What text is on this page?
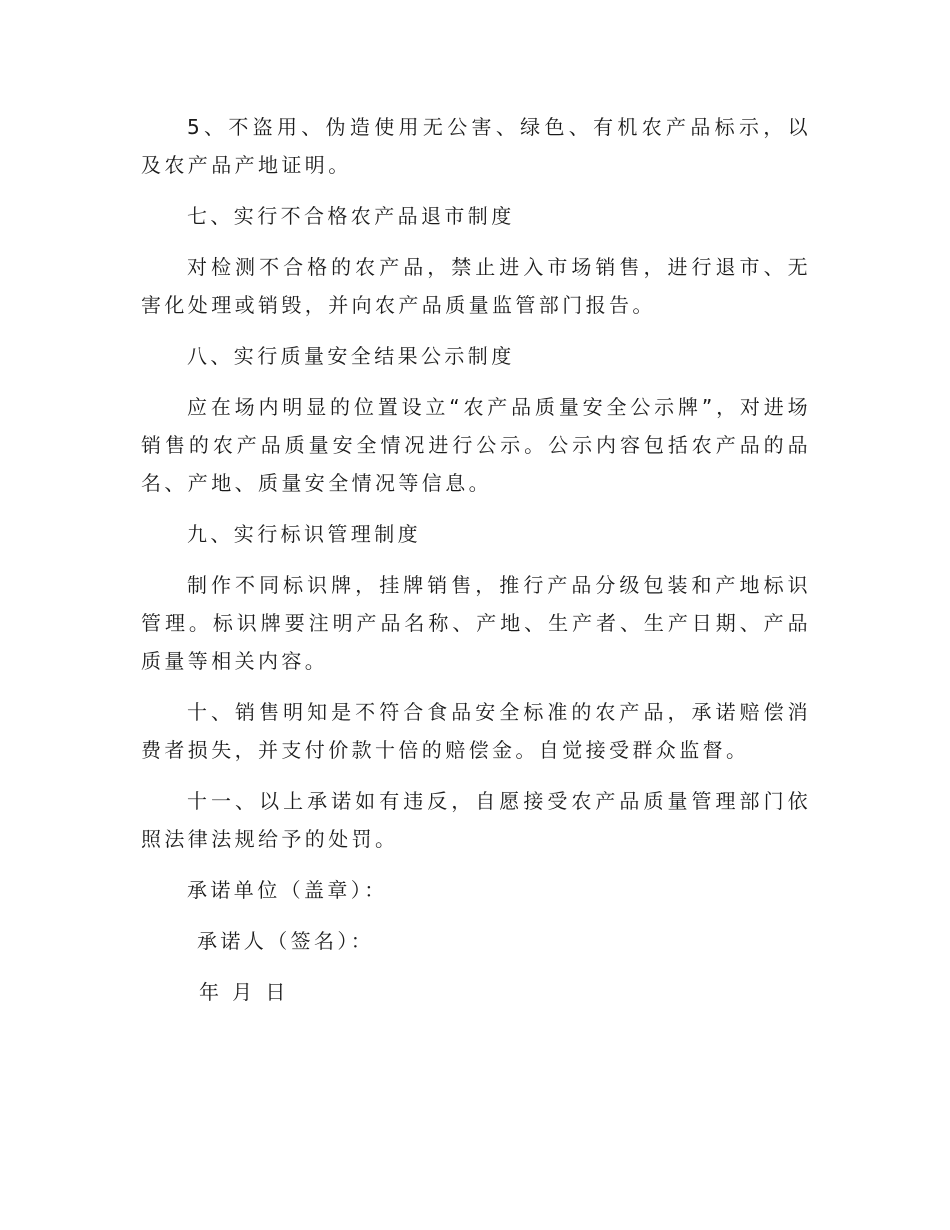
5、不盗用、伪造使用无公害、绿色、有机农产品标示，以及农产品产地证明。

七、实行不合格农产品退市制度

对检测不合格的农产品，禁止进入市场销售，进行退市、无害化处理或销毁，并向农产品质量监管部门报告。

八、实行质量安全结果公示制度

应在场内明显的位置设立“农产品质量安全公示牌”，对进场销售的农产品质量安全情况进行公示。公示内容包括农产品的品名、产地、质量安全情况等信息。

九、实行标识管理制度

制作不同标识牌，挂牌销售，推行产品分级包装和产地标识管理。标识牌要注明产品名称、产地、生产者、生产日期、产品质量等相关内容。

十、销售明知是不符合食品安全标准的农产品，承诺赔偿消费者损失，并支付价款十倍的赔偿金。自觉接受群众监督。

十一、以上承诺如有违反，自愿接受农产品质量管理部门依照法律法规给予的处罚。

承诺单位（盖章）：
承诺人（签名）：
年 月 日
